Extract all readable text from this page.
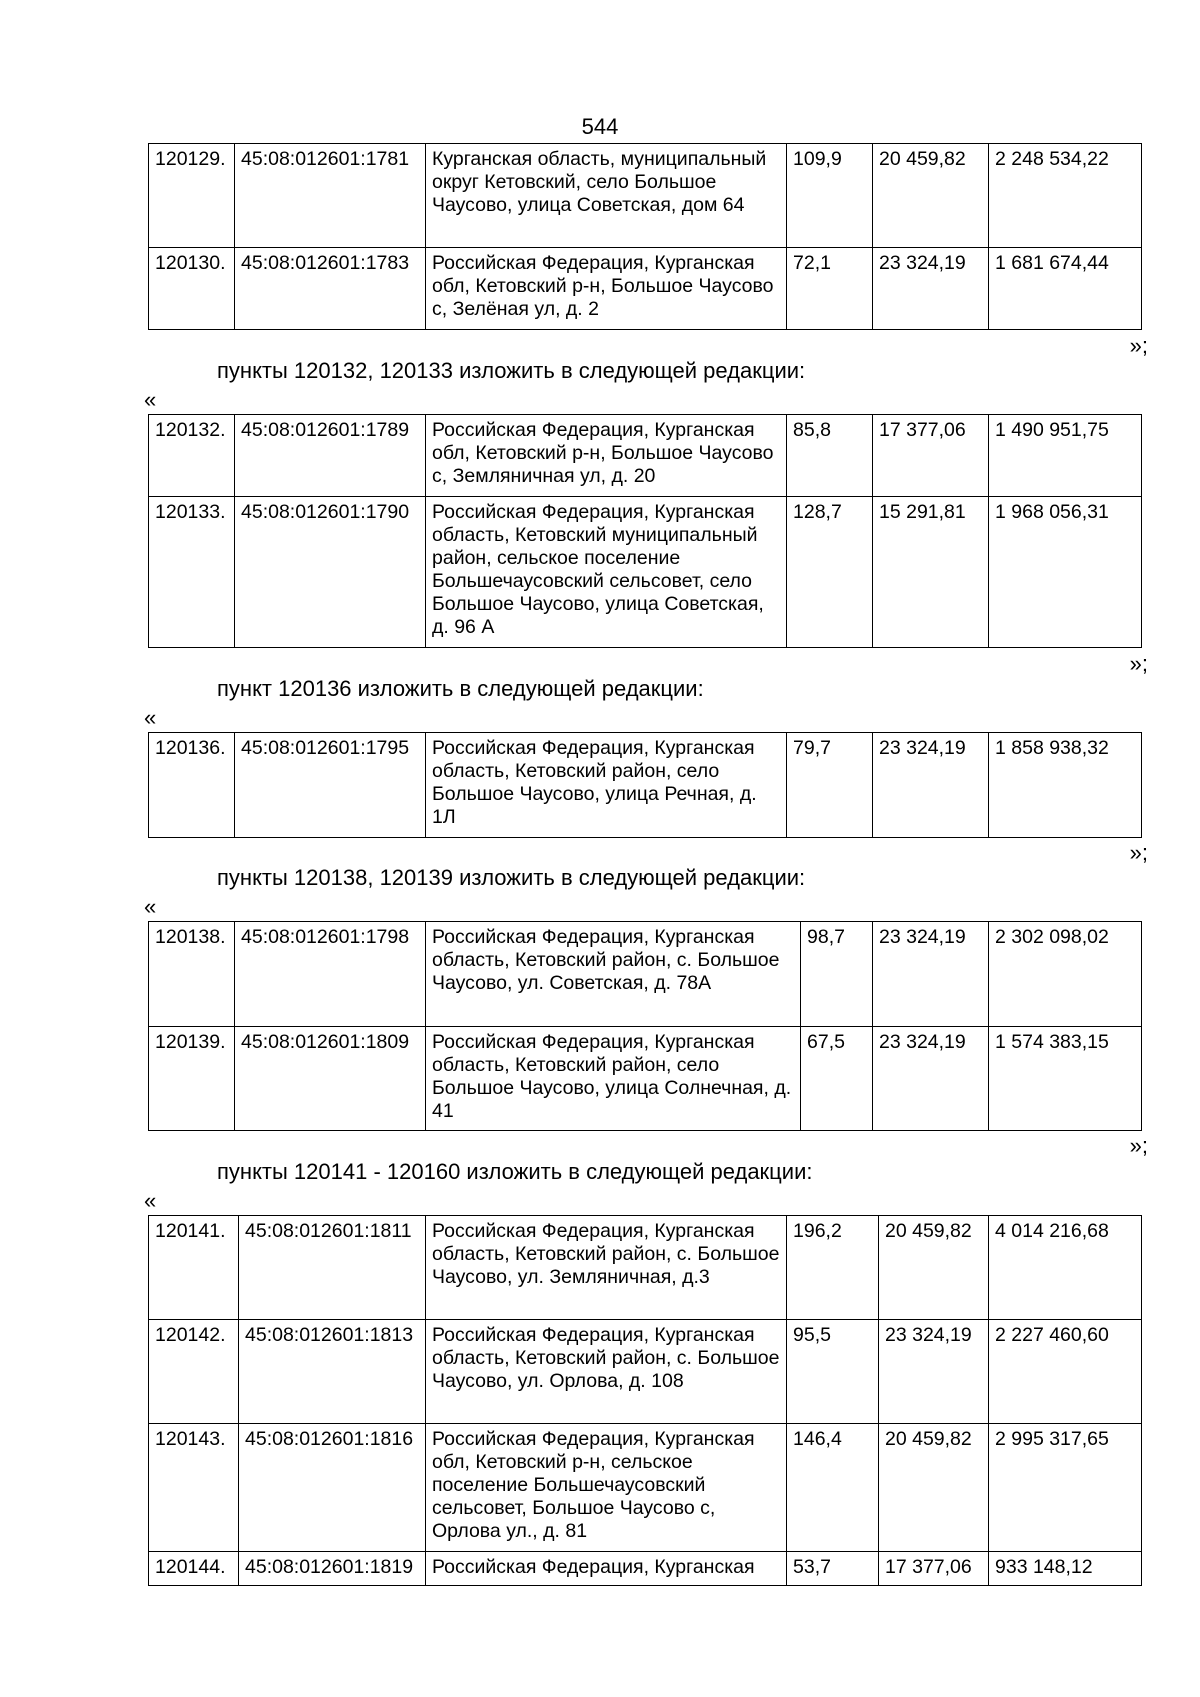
544
120129.	45:08:012601:1781	Курганская область, муниципальный округ Кетовский, село Большое Чаусово, улица Советская, дом 64	109,9	20 459,82	2 248 534,22
120130.	45:08:012601:1783	Российская Федерация, Курганская обл, Кетовский р-н, Большое Чаусово с, Зелёная ул, д. 2	72,1	23 324,19	1 681 674,44
»;
пункты 120132, 120133 изложить в следующей редакции:
«
120132.	45:08:012601:1789	Российская Федерация, Курганская обл, Кетовский р-н, Большое Чаусово с, Земляничная ул, д. 20	85,8	17 377,06	1 490 951,75
120133.	45:08:012601:1790	Российская Федерация, Курганская область, Кетовский муниципальный район, сельское поселение Большечаусовский сельсовет, село Большое Чаусово, улица Советская, д. 96 А	128,7	15 291,81	1 968 056,31
»;
пункт 120136 изложить в следующей редакции:
«
120136.	45:08:012601:1795	Российская Федерация, Курганская область, Кетовский район, село Большое Чаусово, улица Речная, д. 1Л	79,7	23 324,19	1 858 938,32
»;
пункты 120138, 120139 изложить в следующей редакции:
«
120138.	45:08:012601:1798	Российская Федерация, Курганская область, Кетовский район, с. Большое Чаусово, ул. Советская, д. 78А	98,7	23 324,19	2 302 098,02
120139.	45:08:012601:1809	Российская Федерация, Курганская область, Кетовский район, село Большое Чаусово, улица Солнечная, д. 41	67,5	23 324,19	1 574 383,15
»;
пункты 120141 - 120160 изложить в следующей редакции:
«
120141.	45:08:012601:1811	Российская Федерация, Курганская область, Кетовский район, с. Большое Чаусово, ул. Земляничная, д.3	196,2	20 459,82	4 014 216,68
120142.	45:08:012601:1813	Российская Федерация, Курганская область, Кетовский район, с. Большое Чаусово, ул. Орлова, д. 108	95,5	23 324,19	2 227 460,60
120143.	45:08:012601:1816	Российская Федерация, Курганская обл, Кетовский р-н, сельское поселение Большечаусовский сельсовет, Большое Чаусово с, Орлова ул., д. 81	146,4	20 459,82	2 995 317,65
120144.	45:08:012601:1819	Российская Федерация, Курганская	53,7	17 377,06	933 148,12
